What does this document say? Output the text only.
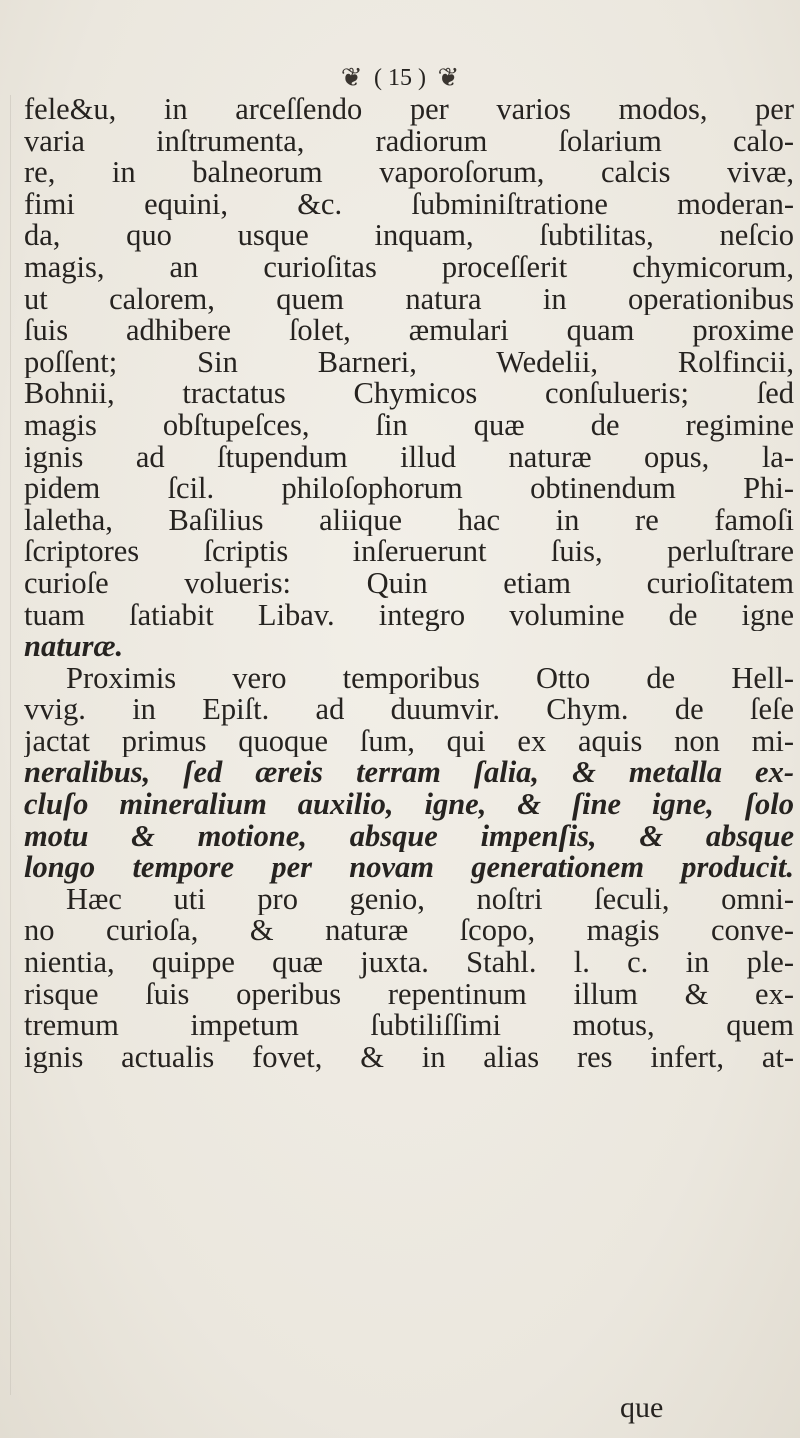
❦ ( 15 ) ❦
fele&u, in arceſſendo per varios modos, per
varia inſtrumenta, radiorum ſolarium calo-
re, in balneorum vaporoſorum, calcis vivæ,
fimi equini, &c. ſubminiſtratione moderan-
da, quo usque inquam, ſubtilitas, neſcio
magis, an curioſitas proceſſerit chymicorum,
ut calorem, quem natura in operationibus
ſuis adhibere ſolet, æmulari quam proxime
poſſent; Sin Barneri, Wedelii, Rolfincii,
Bohnii, tractatus Chymicos conſulueris; ſed
magis obſtupeſces, ſin quæ de regimine
ignis ad ſtupendum illud naturæ opus, la-
pidem ſcil. philoſophorum obtinendum Phi-
laletha, Baſilius aliique hac in re famoſi
ſcriptores ſcriptis inſeruerunt ſuis, perluſtrare
curioſe volueris: Quin etiam curioſitatem
tuam ſatiabit Libav. integro volumine de igne
naturæ.
Proximis vero temporibus Otto de Hell-
vvig. in Epiſt. ad duumvir. Chym. de ſeſe
jactat primus quoque ſum, qui ex aquis non mi-
neralibus, ſed æreis terram ſalia, & metalla ex-
cluſo mineralium auxilio, igne, & ſine igne, ſolo
motu & motione, absque impenſis, & absque
longo tempore per novam generationem producit.
Hæc uti pro genio, noſtri ſeculi, omni-
no curioſa, & naturæ ſcopo, magis conve-
nientia, quippe quæ juxta. Stahl. l. c. in ple-
risque ſuis operibus repentinum illum & ex-
tremum impetum ſubtiliſſimi motus, quem
ignis actualis fovet, & in alias res infert, at-
que
